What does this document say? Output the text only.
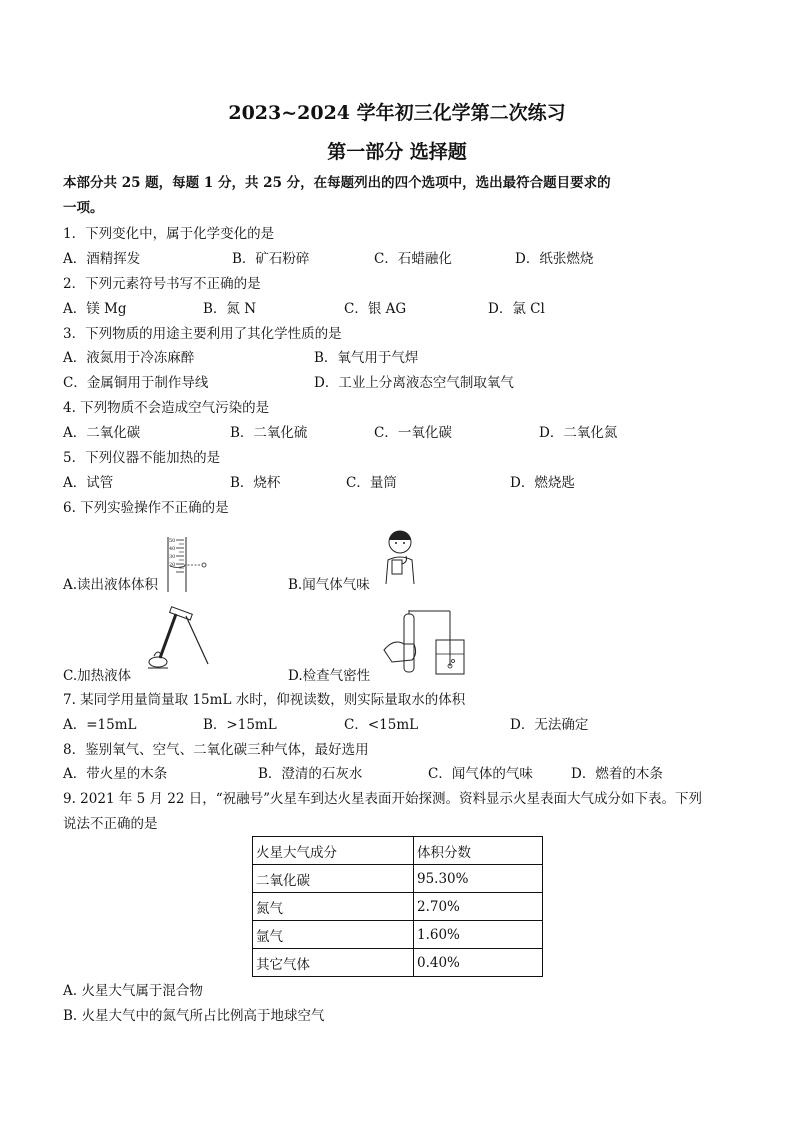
2023~2024 学年初三化学第二次练习
第一部分 选择题
本部分共 25 题，每题 1 分，共 25 分，在每题列出的四个选项中，选出最符合题目要求的
一项。
1．下列变化中，属于化学变化的是
A．酒精挥发	B．矿石粉碎	C．石蜡融化	D．纸张燃烧
2．下列元素符号书写不正确的是
A．镁 Mg	B．氮 N	C．银 AG	D．氯 Cl
3．下列物质的用途主要利用了其化学性质的是
A．液氮用于冷冻麻醉	B．氧气用于气焊
C．金属铜用于制作导线	D．工业上分离液态空气制取氧气
4. 下列物质不会造成空气污染的是
A．二氧化碳	B．二氧化硫	C．一氧化碳	D．二氧化氮
5．下列仪器不能加热的是
A．试管	B．烧杯	C．量筒	D．燃烧匙
6. 下列实验操作不正确的是
50
40
30
20
A.读出液体体积	B.闻气体气味
C.加热液体	D.检查气密性
7. 某同学用量筒量取 15mL 水时，仰视读数，则实际量取水的体积
A．=15mL	B．>15mL	C．<15mL	D．无法确定
8．鉴别氧气、空气、二氧化碳三种气体，最好选用
A．带火星的木条	B．澄清的石灰水	C．闻气体的气味	D．燃着的木条
9. 2021 年 5 月 22 日，“祝融号”火星车到达火星表面开始探测。资料显示火星表面大气成分如下表。下列
说法不正确的是
火星大气成分	体积分数
二氧化碳	95.30%
氮气	2.70%
氩气	1.60%
其它气体	0.40%
A. 火星大气属于混合物
B. 火星大气中的氮气所占比例高于地球空气
